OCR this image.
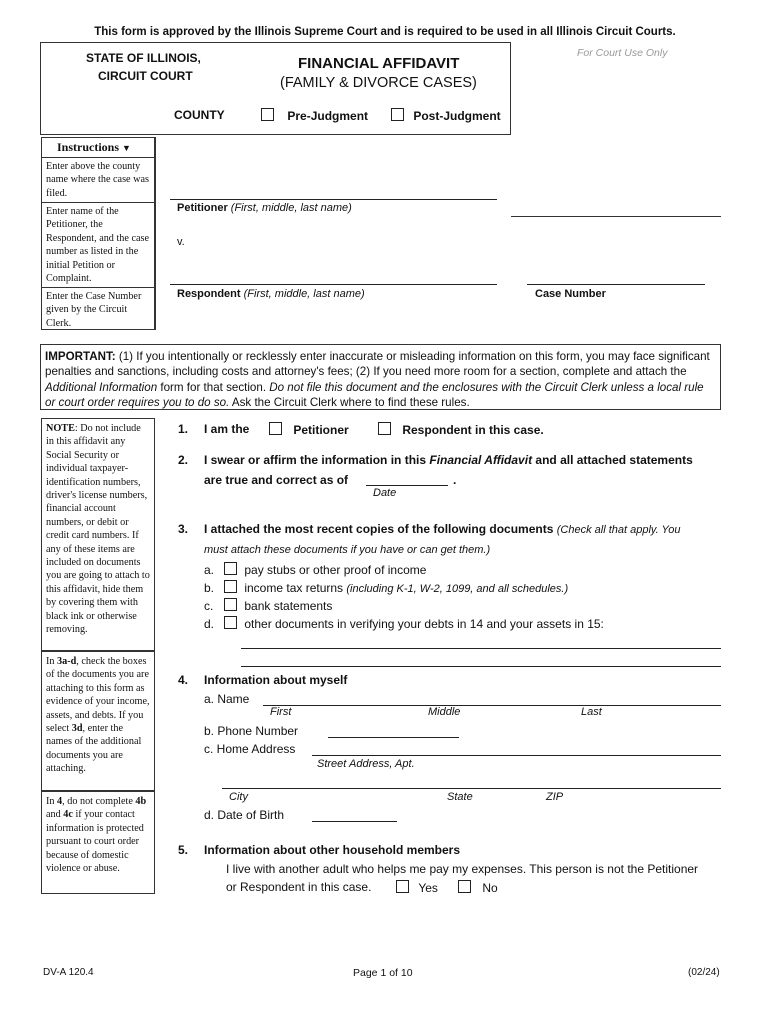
This form is approved by the Illinois Supreme Court and is required to be used in all Illinois Circuit Courts.
For Court Use Only
STATE OF ILLINOIS,
CIRCUIT COURT
COUNTY
FINANCIAL AFFIDAVIT
(FAMILY & DIVORCE CASES)
Pre-Judgment	Post-Judgment
Instructions ▼
Enter above the county name where the case was filed.
Enter name of the Petitioner, the Respondent, and the case number as listed in the initial Petition or Complaint.
Enter the Case Number given by the Circuit Clerk.
Petitioner (First, middle, last name)
v.
Respondent (First, middle, last name)	Case Number
IMPORTANT: (1) If you intentionally or recklessly enter inaccurate or misleading information on this form, you may face significant penalties and sanctions, including costs and attorney's fees; (2) If you need more room for a section, complete and attach the Additional Information form for that section. Do not file this document and the enclosures with the Circuit Clerk unless a local rule or court order requires you to do so. Ask the Circuit Clerk where to find these rules.
NOTE: Do not include in this affidavit any Social Security or individual taxpayer-identification numbers, driver's license numbers, financial account numbers, or debit or credit card numbers. If any of these items are included on documents you are going to attach to this affidavit, hide them by covering them with black ink or otherwise removing.
In 3a-d, check the boxes of the documents you are attaching to this form as evidence of your income, assets, and debts. If you select 3d, enter the names of the additional documents you are attaching.
In 4, do not complete 4b and 4c if your contact information is protected pursuant to court order because of domestic violence or abuse.
1. I am the	Petitioner	Respondent in this case.
2. I swear or affirm the information in this Financial Affidavit and all attached statements
are true and correct as of	.
Date
3. I attached the most recent copies of the following documents (Check all that apply. You
must attach these documents if you have or can get them.)
a.	pay stubs or other proof of income
b.	income tax returns (including K-1, W-2, 1099, and all schedules.)
c.	bank statements
d.	other documents in verifying your debts in 14 and your assets in 15:
4. Information about myself
a. Name
First	Middle	Last
b. Phone Number
c. Home Address
Street Address, Apt.
City	State	ZIP
d. Date of Birth
5. Information about other household members
I live with another adult who helps me pay my expenses. This person is not the Petitioner
or Respondent in this case.	Yes	No
DV-A 120.4	Page 1 of 10	(02/24)
